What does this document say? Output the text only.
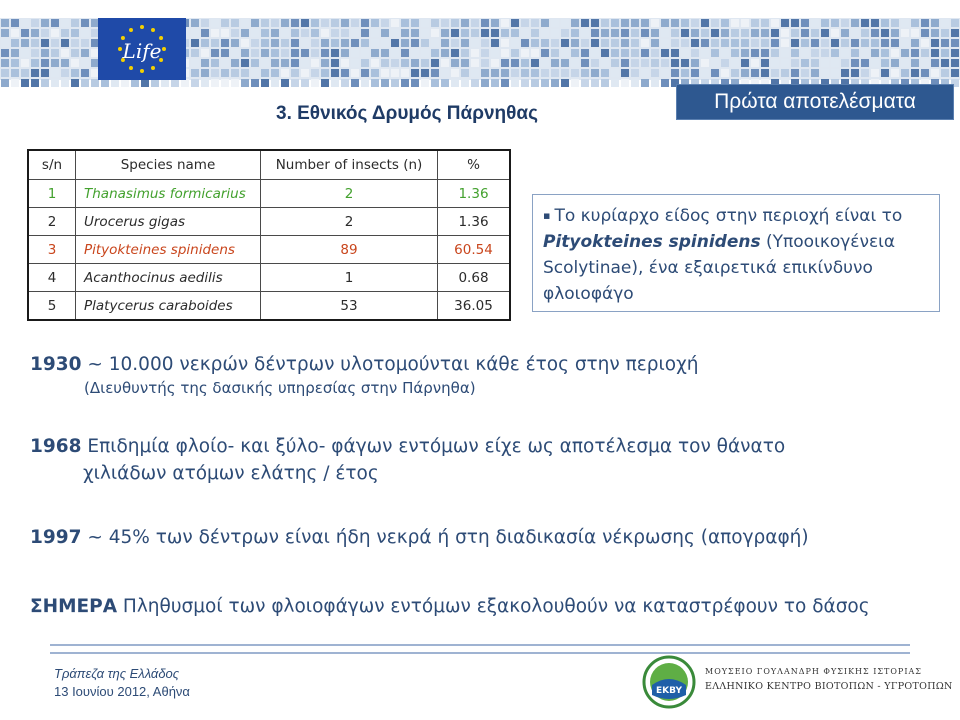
Life
Πρώτα αποτελέσματα
3. Εθνικός Δρυμός Πάρνηθας
s/n	Species name	Number of insects (n)	%
1	Thanasimus formicarius	2	1.36
2	Urocerus gigas	2	1.36
3	Pityokteines spinidens	89	60.54
4	Acanthocinus aedilis	1	0.68
5	Platycerus caraboides	53	36.05
▪ Το κυρίαρχο είδος στην περιοχή είναι το Pityokteines spinidens (Υποοικογένεια Scolytinae), ένα εξαιρετικά επικίνδυνο φλοιοφάγο
1930 ~ 10.000 νεκρών δέντρων υλοτομούνται κάθε έτος στην περιοχή
(Διευθυντής της δασικής υπηρεσίας στην Πάρνηθα)
1968 Επιδημία φλοίο- και ξύλο- φάγων εντόμων είχε ως αποτέλεσμα τον θάνατο
χιλιάδων ατόμων ελάτης / έτος
1997 ~ 45% των δέντρων είναι ήδη νεκρά ή στη διαδικασία νέκρωσης (απογραφή)
ΣΗΜΕΡΑ Πληθυσμοί των φλοιοφάγων εντόμων εξακολουθούν να καταστρέφουν το δάσος
Τράπεζα της Ελλάδος
13 Ιουνίου 2012, Αθήνα	EKBY
ΜΟΥΣΕΙΟ ΓΟΥΛΑΝΔΡΗ ΦΥΣΙΚΗΣ ΙΣΤΟΡΙΑΣ
ΕΛΛΗΝΙΚΟ ΚΕΝΤΡΟ ΒΙΟΤΟΠΩΝ - ΥΓΡΟΤΟΠΩΝ
